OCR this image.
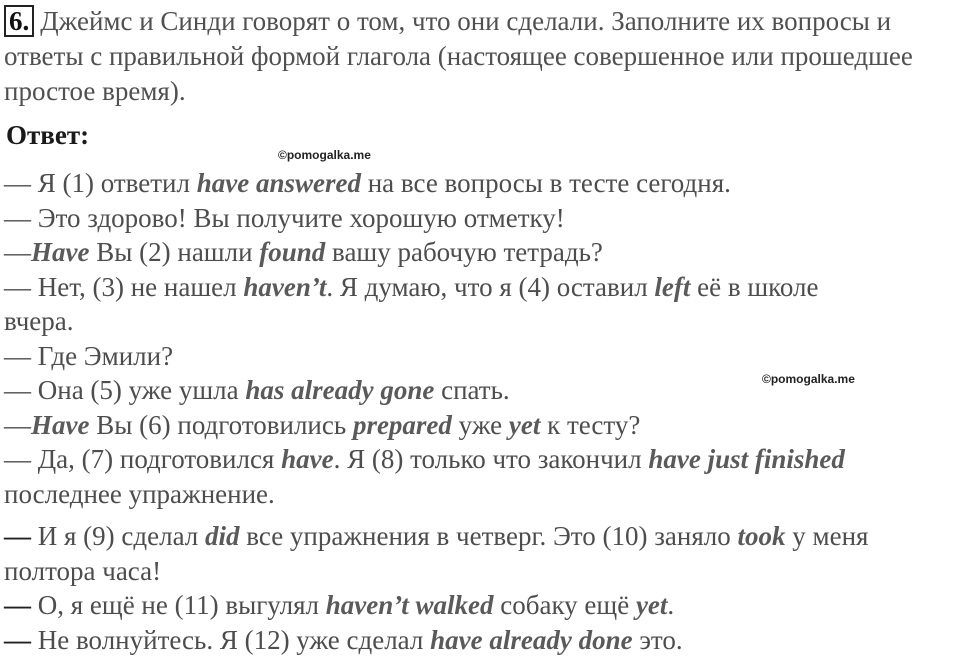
6. Джеймс и Синди говорят о том, что они сделали. Заполните их вопросы и ответы с правильной формой глагола (настоящее совершенное или прошедшее простое время).
Ответ:
©pomogalka.me
©pomogalka.me
— Я (1) ответил have answered на все вопросы в тесте сегодня.
— Это здорово! Вы получите хорошую отметку!
—Have Вы (2) нашли found вашу рабочую тетрадь?
— Нет, (3) не нашел haven’t. Я думаю, что я (4) оставил left её в школе
вчера.
— Где Эмили?
— Она (5) уже ушла has already gone спать.
—Have Вы (6) подготовились prepared уже yet к тесту?
— Да, (7) подготовился have. Я (8) только что закончил have just finished
последнее упражнение.
— И я (9) сделал did все упражнения в четверг. Это (10) заняло took у меня
полтора часа!
— О, я ещё не (11) выгулял haven’t walked собаку ещё yet.
— Не волнуйтесь. Я (12) уже сделал have already done это.
